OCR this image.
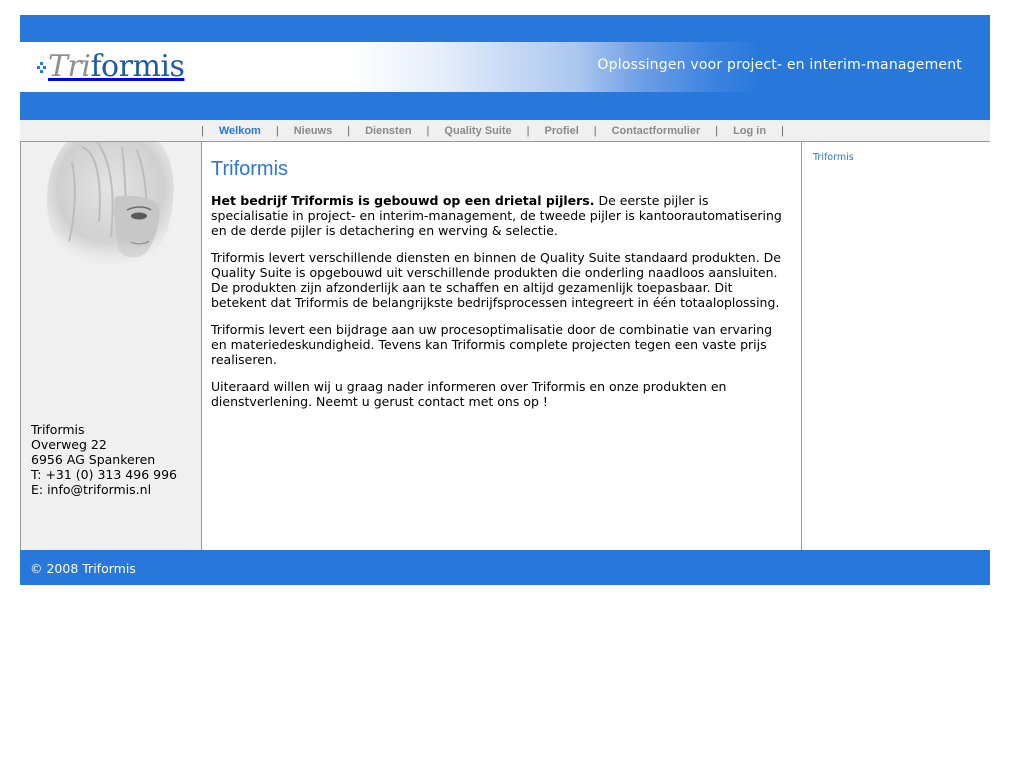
Triformis	Oplossingen voor project- en interim-management
|	Welkom	|	Nieuws	|	Diensten	|	Quality Suite	|	Profiel	|	Contactformulier	|	Log in	|
Triformis
Overweg 22
6956 AG Spankeren
T: +31 (0) 313 496 996
E: info@triformis.nl
Triformis

Het bedrijf Triformis is gebouwd op een drietal pijlers. De eerste pijler is specialisatie in project- en interim-management, de tweede pijler is kantoorautomatisering en de derde pijler is detachering en werving & selectie.

Triformis levert verschillende diensten en binnen de Quality Suite standaard produkten. De Quality Suite is opgebouwd uit verschillende produkten die onderling naadloos aansluiten. De produkten zijn afzonderlijk aan te schaffen en altijd gezamenlijk toepasbaar. Dit betekent dat Triformis de belangrijkste bedrijfsprocessen integreert in één totaaloplossing.

Triformis levert een bijdrage aan uw procesoptimalisatie door de combinatie van ervaring en materiedeskundigheid. Tevens kan Triformis complete projecten tegen een vaste prijs realiseren.

Uiteraard willen wij u graag nader informeren over Triformis en onze produkten en dienstverlening. Neemt u gerust contact met ons op !

Triformis
© 2008 Triformis
